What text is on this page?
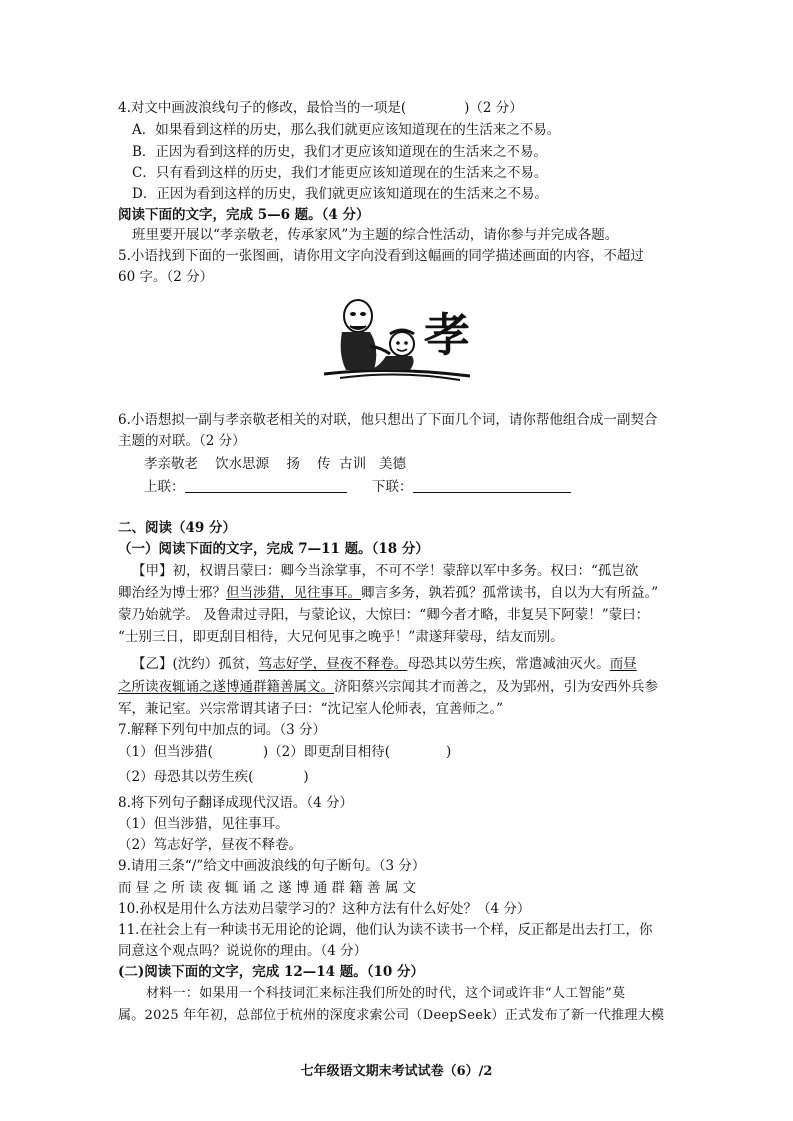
4.对文中画波浪线句子的修改，最恰当的一项是(	)（2 分）
A．如果看到这样的历史，那么我们就更应该知道现在的生活来之不易。
B．正因为看到这样的历史，我们才更应该知道现在的生活来之不易。
C．只有看到这样的历史，我们才能更应该知道现在的生活来之不易。
D．正因为看到这样的历史，我们就更应该知道现在的生活来之不易。
阅读下面的文字，完成 5—6 题。（4 分）
班里要开展以“孝亲敬老，传承家风”为主题的综合性活动，请你参与并完成各题。
5.小语找到下面的一张图画，请你用文字向没看到这幅画的同学描述画面的内容，不超过
60 字。（2 分）
孝
6.小语想拟一副与孝亲敬老相关的对联，他只想出了下面几个词，请你帮他组合成一副契合
主题的对联。（2 分）
孝亲敬老    饮水思源    扬    传  古训   美德
上联：	下联：
二、阅读（49 分）
（一）阅读下面的文字，完成 7—11 题。（18 分）
【甲】初，权谓吕蒙曰：卿今当涂掌事，不可不学！蒙辞以军中多务。权曰：“孤岂欲
卿治经为博士邪？但当涉猎，见往事耳。卿言多务，孰若孤？孤常读书，自以为大有所益。”
蒙乃始就学。 及鲁肃过寻阳，与蒙论议，大惊曰：“卿今者才略，非复吴下阿蒙！”蒙曰：
“士别三日，即更刮目相待，大兄何见事之晚乎！”肃遂拜蒙母，结友而别。
【乙】(沈约）孤贫，笃志好学，昼夜不释卷。母恐其以劳生疾，常遣减油灭火。而昼
之所读夜辄诵之遂博通群籍善属文。济阳蔡兴宗闻其才而善之，及为郢州，引为安西外兵参
军，兼记室。兴宗常谓其诸子曰：“沈记室人伦师表，宜善师之。”
7.解释下列句中加点的词。（3 分）
（1）但当涉猎(	)（2）即更刮目相待(	)
（2）母恐其以劳生疾(	)
8.将下列句子翻译成现代汉语。（4 分）
（1）但当涉猎，见往事耳。
（2）笃志好学，昼夜不释卷。
9.请用三条“/”给文中画波浪线的句子断句。（3 分）
而 昼 之 所 读 夜 辄 诵 之 遂 博 通 群 籍 善 属 文
10.孙权是用什么方法劝吕蒙学习的？这种方法有什么好处？（4 分）
11.在社会上有一种读书无用论的论调，他们认为读不读书一个样，反正都是出去打工，你
同意这个观点吗？说说你的理由。（4 分）
(二)阅读下面的文字，完成 12—14 题。（10 分）
材料一：如果用一个科技词汇来标注我们所处的时代，这个词或许非“人工智能”莫
属。2025 年年初，总部位于杭州的深度求索公司（DeepSeek）正式发布了新一代推理大模
七年级语文期末考试试卷（6）/2
